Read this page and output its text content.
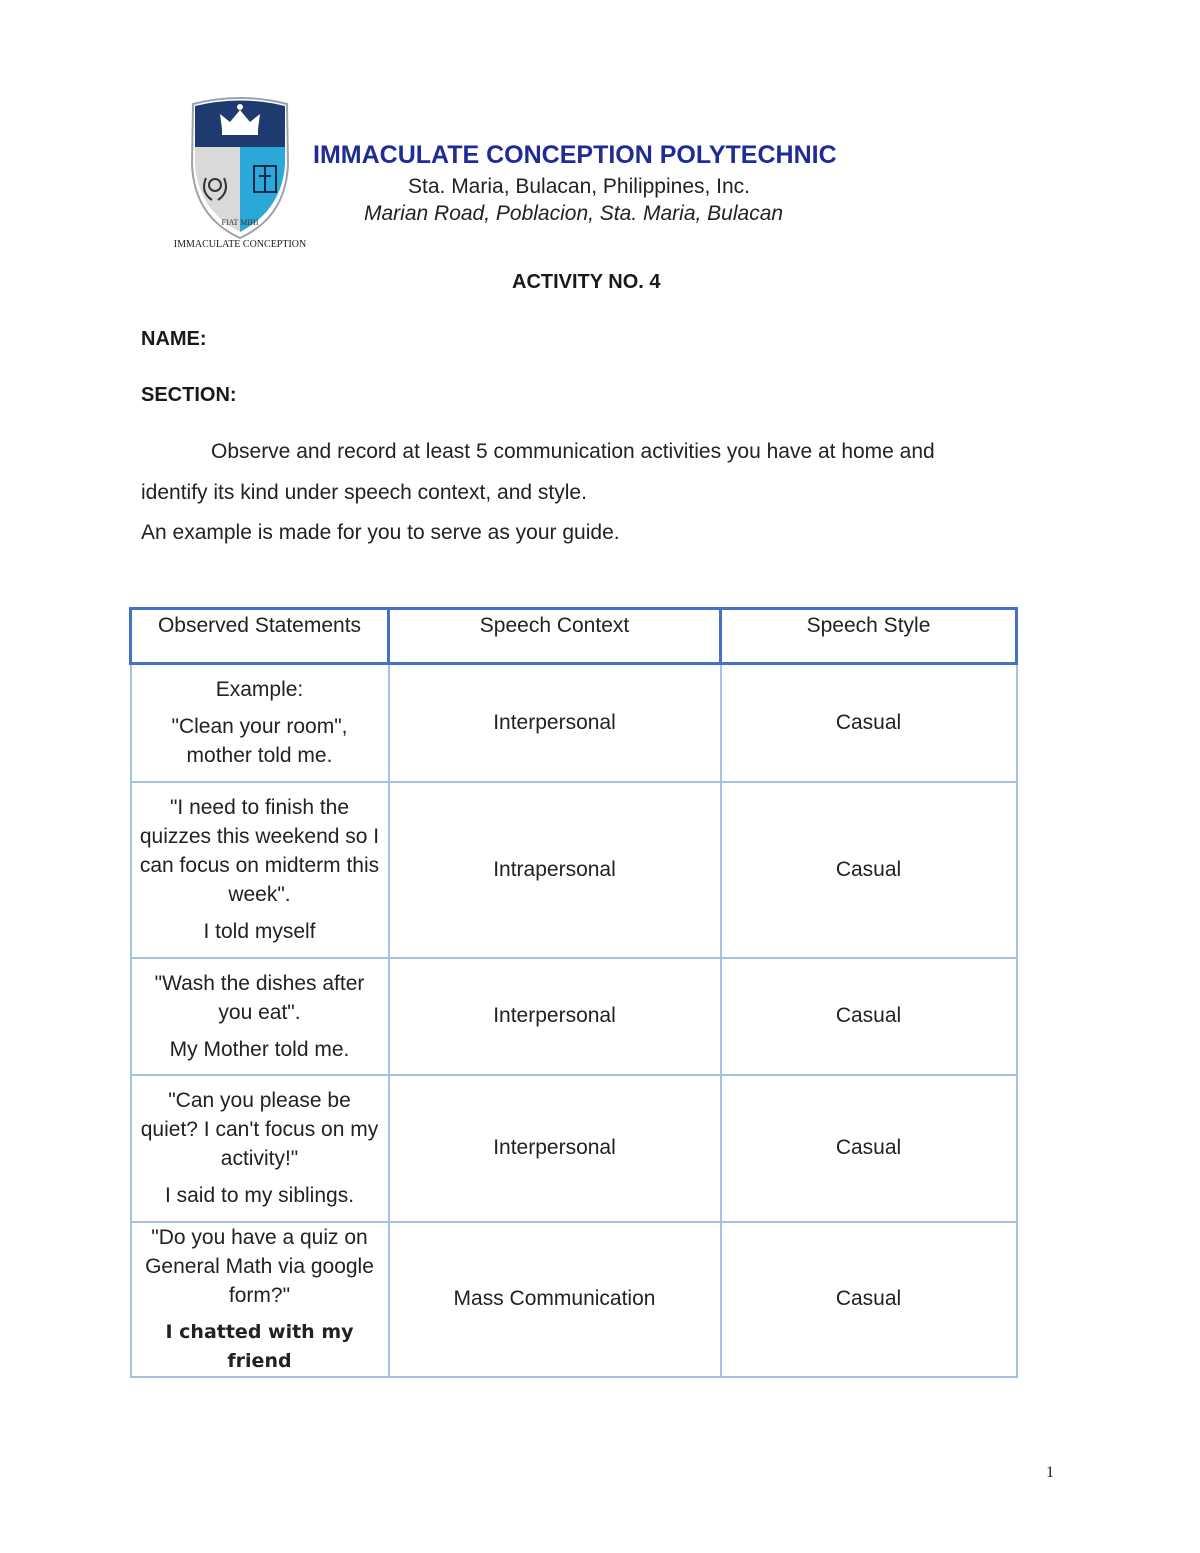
FIAT MIHI
IMMACULATE CONCEPTION
IMMACULATE CONCEPTION POLYTECHNIC
Sta. Maria, Bulacan, Philippines, Inc.
Marian Road, Poblacion, Sta. Maria, Bulacan
ACTIVITY NO. 4
NAME:
SECTION:
Observe and record at least 5 communication activities you have at home and
identify its kind under speech context, and style.
An example is made for you to serve as your guide.
Observed Statements	Speech Context	Speech Style

Example:

"Clean your room", mother told me.	Interpersonal	Casual

"I need to finish the quizzes this weekend so I can focus on midterm this week".

I told myself	Intrapersonal	Casual

"Wash the dishes after you eat".

My Mother told me.	Interpersonal	Casual

"Can you please be quiet? I can't focus on my activity!"

I said to my siblings.	Interpersonal	Casual

"Do you have a quiz on General Math via google form?"

I chatted with my friend	Mass Communication	Casual
1
